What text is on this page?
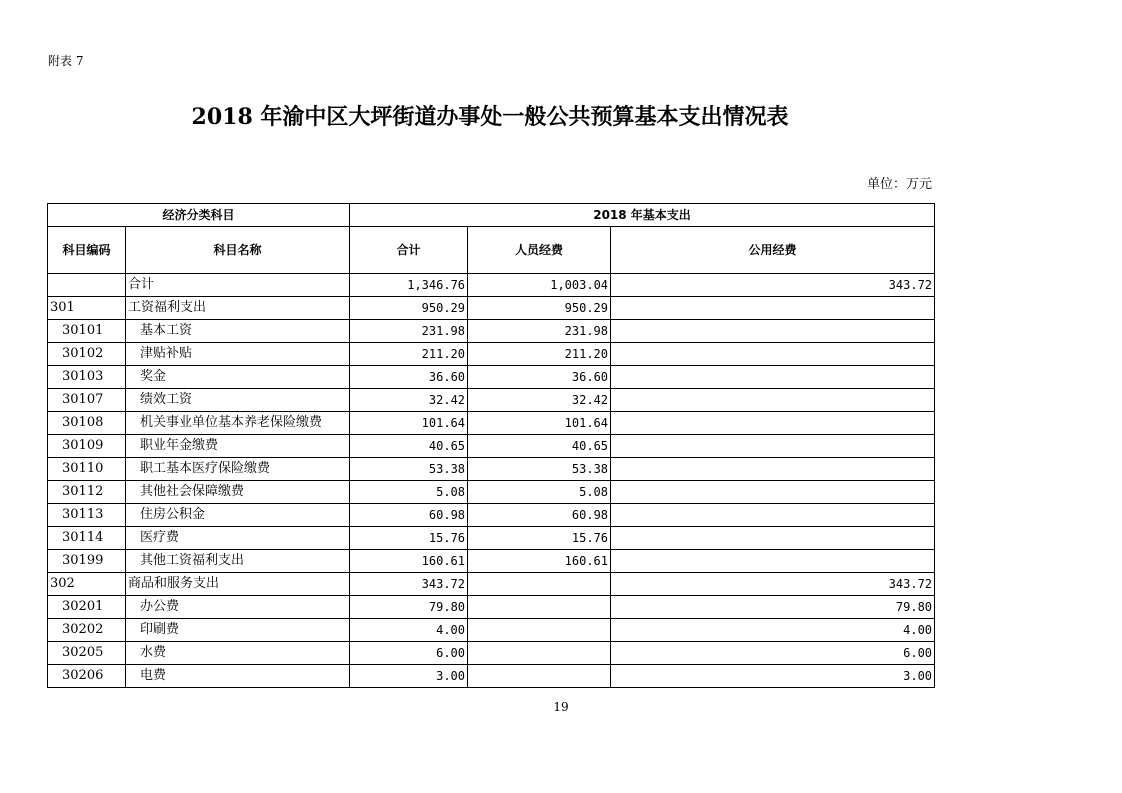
附表 7
2018 年渝中区大坪街道办事处一般公共预算基本支出情况表
单位：万元
经济分类科目		2018 年基本支出		
科目编码	科目名称	合计	人员经费	公用经费
	合计	1,346.76	1,003.04	343.72
301	工资福利支出	950.29	950.29	
30101	基本工资	231.98	231.98	
30102	津贴补贴	211.20	211.20	
30103	奖金	36.60	36.60	
30107	绩效工资	32.42	32.42	
30108	机关事业单位基本养老保险缴费	101.64	101.64	
30109	职业年金缴费	40.65	40.65	
30110	职工基本医疗保险缴费	53.38	53.38	
30112	其他社会保障缴费	5.08	5.08	
30113	住房公积金	60.98	60.98	
30114	医疗费	15.76	15.76	
30199	其他工资福利支出	160.61	160.61	
302	商品和服务支出	343.72		343.72
30201	办公费	79.80		79.80
30202	印刷费	4.00		4.00
30205	水费	6.00		6.00
30206	电费	3.00		3.00
19
